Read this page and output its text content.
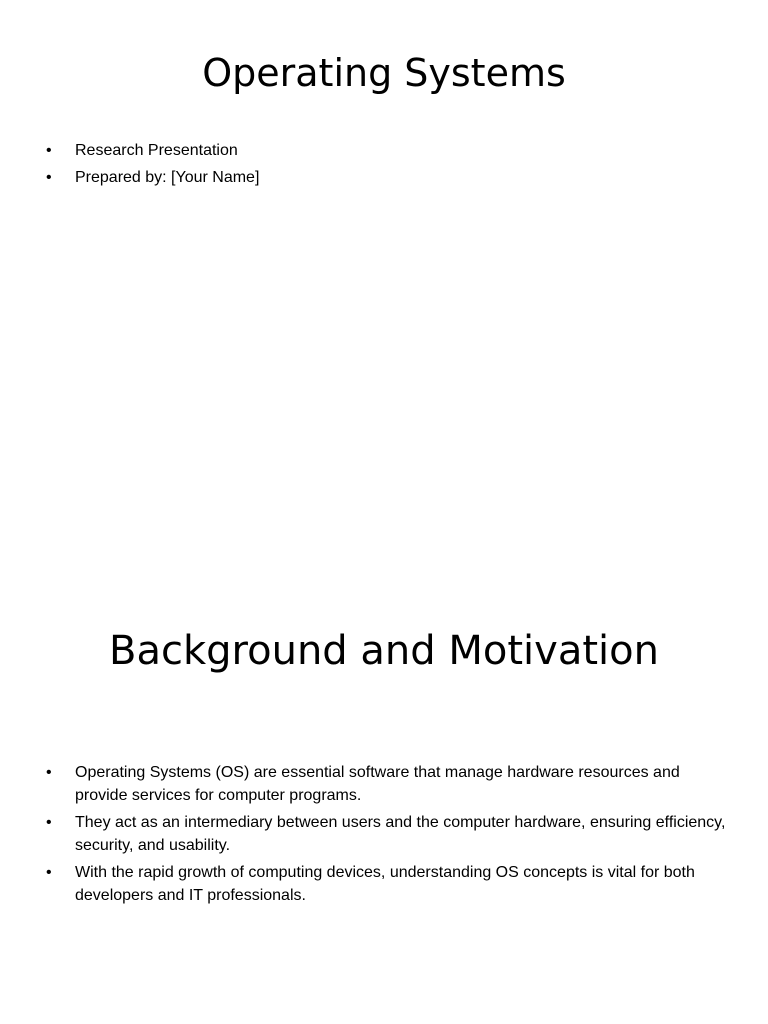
Operating Systems
• Research Presentation
• Prepared by: [Your Name]
Background and Motivation
• Operating Systems (OS) are essential software that manage hardware resources and provide services for computer programs.
• They act as an intermediary between users and the computer hardware, ensuring efficiency, security, and usability.
• With the rapid growth of computing devices, understanding OS concepts is vital for both developers and IT professionals.
